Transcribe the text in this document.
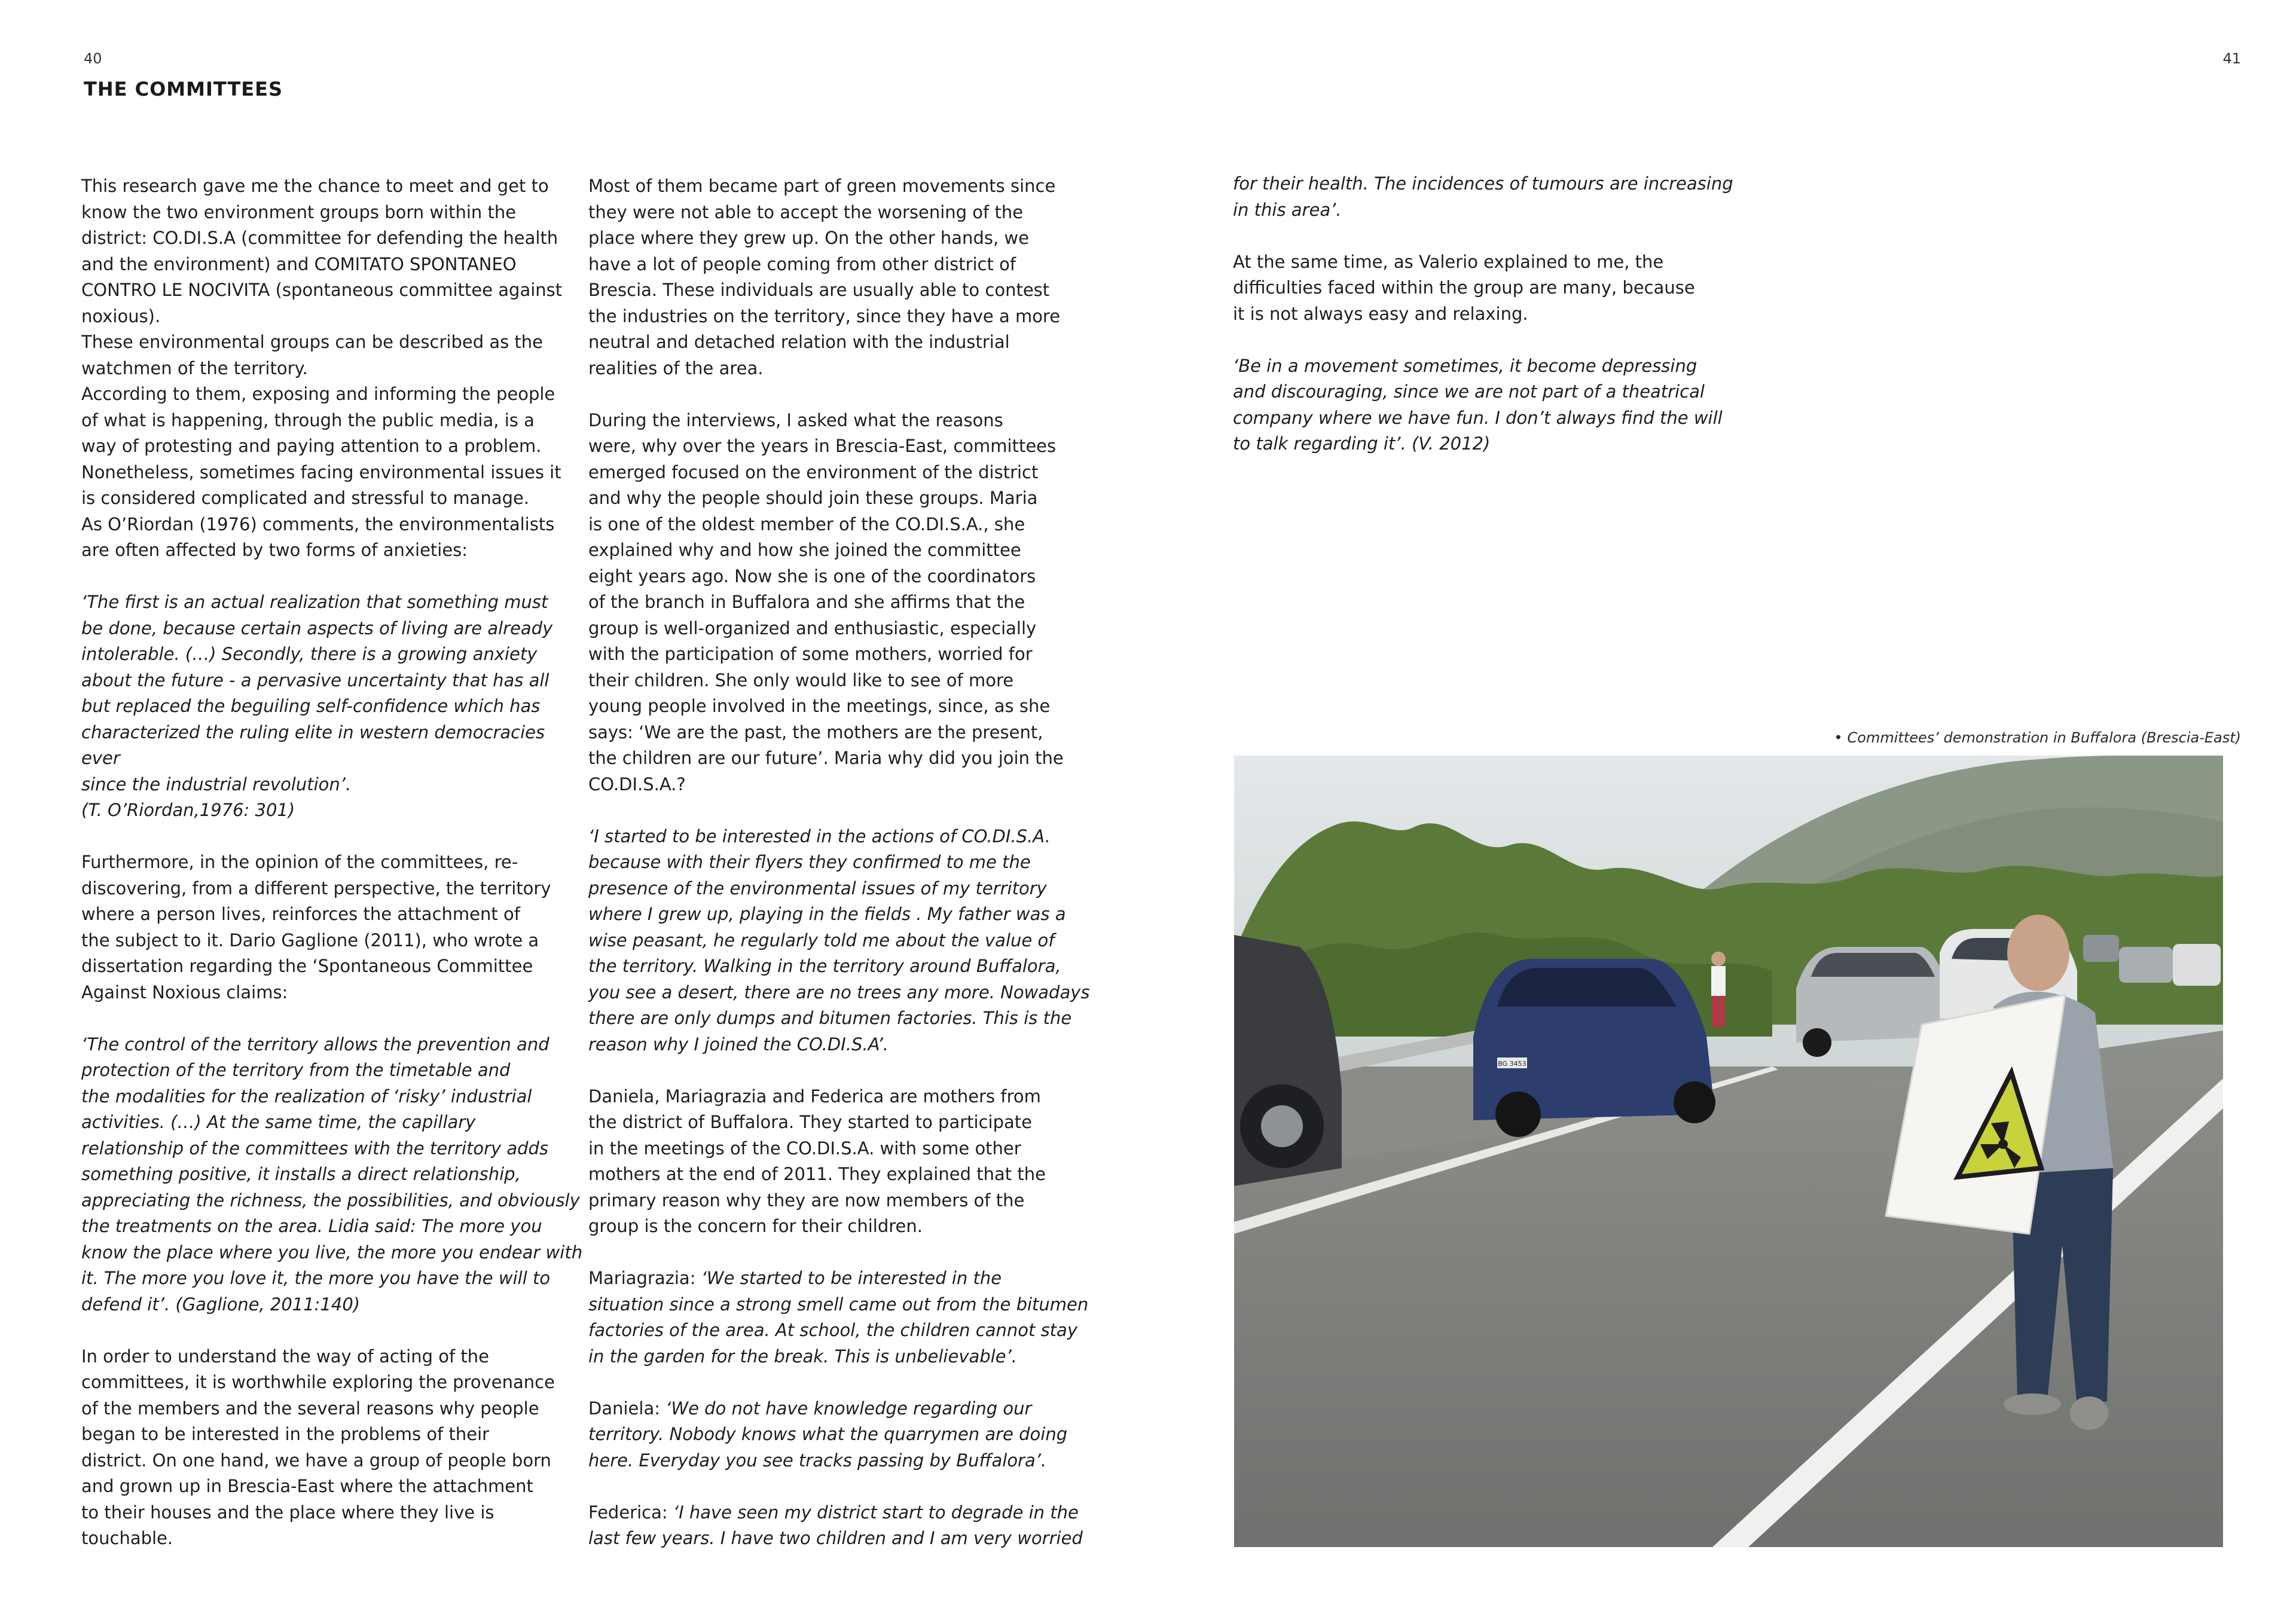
40	41
THE COMMITTEES

This research gave me the chance to meet and get to
know the two environment groups born within the
district: CO.DI.S.A (committee for defending the health
and the environment) and COMITATO SPONTANEO
CONTRO LE NOCIVITA (spontaneous committee against
noxious).
These environmental groups can be described as the
watchmen of the territory.
According to them, exposing and informing the people
of what is happening, through the public media, is a
way of protesting and paying attention to a problem.
Nonetheless, sometimes facing environmental issues it
is considered complicated and stressful to manage.
As O’Riordan (1976) comments, the environmentalists
are often affected by two forms of anxieties:

‘The first is an actual realization that something must
be done, because certain aspects of living are already
intolerable. (…) Secondly, there is a growing anxiety
about the future - a pervasive uncertainty that has all
but replaced the beguiling self-confidence which has
characterized the ruling elite in western democracies ever
since the industrial revolution’.
(T. O’Riordan,1976: 301)

Furthermore, in the opinion of the committees, re-
discovering, from a different perspective, the territory
where a person lives, reinforces the attachment of
the subject to it. Dario Gaglione (2011), who wrote a
dissertation regarding the ‘Spontaneous Committee
Against Noxious claims:

‘The control of the territory allows the prevention and
protection of the territory from the timetable and
the modalities for the realization of ‘risky’ industrial
activities. (…) At the same time, the capillary
relationship of the committees with the territory adds
something positive, it installs a direct relationship,
appreciating the richness, the possibilities, and obviously
the treatments on the area. Lidia said: The more you
know the place where you live, the more you endear with
it. The more you love it, the more you have the will to
defend it’. (Gaglione, 2011:140)

In order to understand the way of acting of the
committees, it is worthwhile exploring the provenance
of the members and the several reasons why people
began to be interested in the problems of their
district. On one hand, we have a group of people born
and grown up in Brescia-East where the attachment
to their houses and the place where they live is
touchable.

Most of them became part of green movements since
they were not able to accept the worsening of the
place where they grew up. On the other hands, we
have a lot of people coming from other district of
Brescia. These individuals are usually able to contest
the industries on the territory, since they have a more
neutral and detached relation with the industrial
realities of the area.

During the interviews, I asked what the reasons
were, why over the years in Brescia-East, committees
emerged focused on the environment of the district
and why the people should join these groups. Maria
is one of the oldest member of the CO.DI.S.A., she
explained why and how she joined the committee
eight years ago. Now she is one of the coordinators
of the branch in Buffalora and she affirms that the
group is well-organized and enthusiastic, especially
with the participation of some mothers, worried for
their children. She only would like to see of more
young people involved in the meetings, since, as she
says: ‘We are the past, the mothers are the present,
the children are our future’. Maria why did you join the
CO.DI.S.A.?

‘I started to be interested in the actions of CO.DI.S.A.
because with their flyers they confirmed to me the
presence of the environmental issues of my territory
where I grew up, playing in the fields . My father was a
wise peasant, he regularly told me about the value of
the territory. Walking in the territory around Buffalora,
you see a desert, there are no trees any more. Nowadays
there are only dumps and bitumen factories. This is the
reason why I joined the CO.DI.S.A’.

Daniela, Mariagrazia and Federica are mothers from
the district of Buffalora. They started to participate
in the meetings of the CO.DI.S.A. with some other
mothers at the end of 2011. They explained that the
primary reason why they are now members of the
group is the concern for their children.

Mariagrazia: ‘We started to be interested in the
situation since a strong smell came out from the bitumen
factories of the area. At school, the children cannot stay
in the garden for the break. This is unbelievable’.

Daniela: ‘We do not have knowledge regarding our
territory. Nobody knows what the quarrymen are doing
here. Everyday you see tracks passing by Buffalora’.

Federica: ‘I have seen my district start to degrade in the
last few years. I have two children and I am very worried

for their health. The incidences of tumours are increasing
in this area’.

At the same time, as Valerio explained to me, the
difficulties faced within the group are many, because
it is not always easy and relaxing.

‘Be in a movement sometimes, it become depressing
and discouraging, since we are not part of a theatrical
company where we have fun. I don’t always find the will
to talk regarding it’. (V. 2012)

• Committees’ demonstration in Buffalora (Brescia-East)
BG 3453
